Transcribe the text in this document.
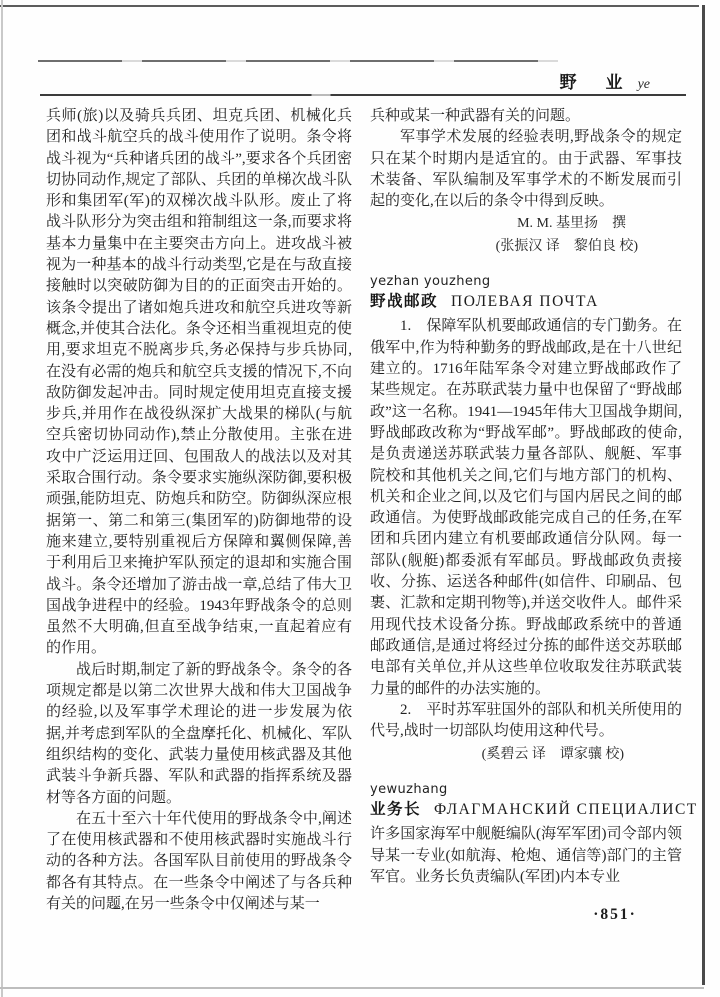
野　业 ye

兵师(旅)以及骑兵兵团、坦克兵团、机械化兵团和战斗航空兵的战斗使用作了说明。条令将战斗视为“兵种诸兵团的战斗”,要求各个兵团密切协同动作,规定了部队、兵团的单梯次战斗队形和集团军(军)的双梯次战斗队形。废止了将战斗队形分为突击组和箝制组这一条,而要求将基本力量集中在主要突击方向上。进攻战斗被视为一种基本的战斗行动类型,它是在与敌直接接触时以突破防御为目的的正面突击开始的。该条令提出了诸如炮兵进攻和航空兵进攻等新概念,并使其合法化。条令还相当重视坦克的使用,要求坦克不脱离步兵,务必保持与步兵协同,在没有必需的炮兵和航空兵支援的情况下,不向敌防御发起冲击。同时规定使用坦克直接支援步兵,并用作在战役纵深扩大战果的梯队(与航空兵密切协同动作),禁止分散使用。主张在进攻中广泛运用迂回、包围敌人的战法以及对其采取合围行动。条令要求实施纵深防御,要积极顽强,能防坦克、防炮兵和防空。防御纵深应根据第一、第二和第三(集团军的)防御地带的设施来建立,要特别重视后方保障和翼侧保障,善于利用后卫来掩护军队预定的退却和实施合围战斗。条令还增加了游击战一章,总结了伟大卫国战争进程中的经验。1943年野战条令的总则虽然不大明确,但直至战争结束,一直起着应有的作用。

战后时期,制定了新的野战条令。条令的各项规定都是以第二次世界大战和伟大卫国战争的经验,以及军事学术理论的进一步发展为依据,并考虑到军队的全盘摩托化、机械化、军队组织结构的变化、武装力量使用核武器及其他武装斗争新兵器、军队和武器的指挥系统及器材等各方面的问题。

在五十至六十年代使用的野战条令中,阐述了在使用核武器和不使用核武器时实施战斗行动的各种方法。各国军队目前使用的野战条令都各有其特点。在一些条令中阐述了与各兵种有关的问题,在另一些条令中仅阐述与某一

兵种或某一种武器有关的问题。

军事学术发展的经验表明,野战条令的规定只在某个时期内是适宜的。由于武器、军事技术装备、军队编制及军事学术的不断发展而引起的变化,在以后的条令中得到反映。

M. M. 基里扬　撰

(张振汉 译　黎伯良 校)

yezhan youzheng

野战邮政 ПОЛЕВАЯ ПОЧТА

1.　保障军队机要邮政通信的专门勤务。在俄军中,作为特种勤务的野战邮政,是在十八世纪建立的。1716年陆军条令对建立野战邮政作了某些规定。在苏联武装力量中也保留了“野战邮政”这一名称。1941—1945年伟大卫国战争期间,野战邮政改称为“野战军邮”。野战邮政的使命,是负责递送苏联武装力量各部队、舰艇、军事院校和其他机关之间,它们与地方部门的机构、机关和企业之间,以及它们与国内居民之间的邮政通信。为使野战邮政能完成自己的任务,在军团和兵团内建立有机要邮政通信分队网。每一部队(舰艇)都委派有军邮员。野战邮政负责接收、分拣、运送各种邮件(如信件、印刷品、包裹、汇款和定期刊物等),并送交收件人。邮件采用现代技术设备分拣。野战邮政系统中的普通邮政通信,是通过将经过分拣的邮件送交苏联邮电部有关单位,并从这些单位收取发往苏联武装力量的邮件的办法实施的。

2.　平时苏军驻国外的部队和机关所使用的代号,战时一切部队均使用这种代号。

(奚碧云 译　谭家骧 校)

yewuzhang

业务长 ФЛАГМАНСКИЙ СПЕЦИАЛИСТ

许多国家海军中舰艇编队(海军军团)司令部内领导某一专业(如航海、枪炮、通信等)部门的主管军官。业务长负责编队(军团)内本专业

·851·
